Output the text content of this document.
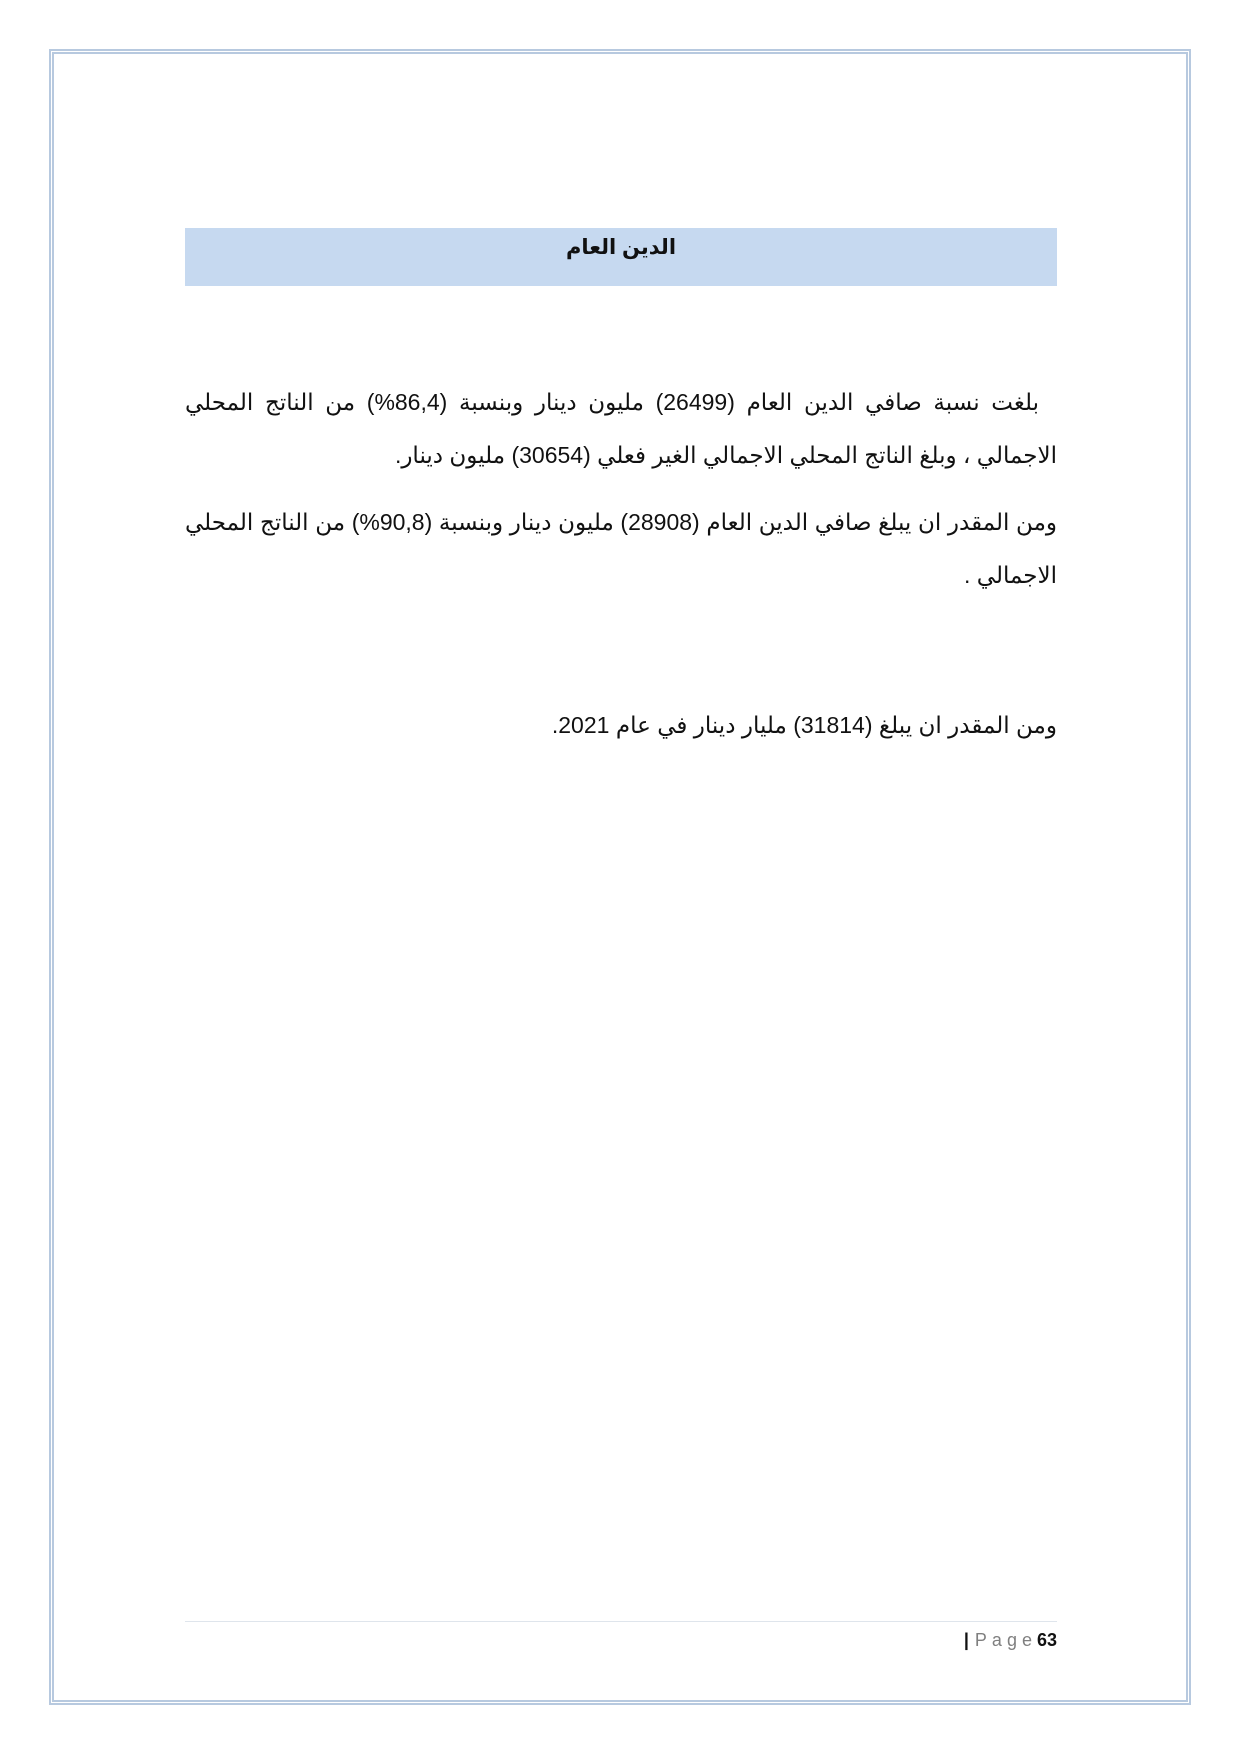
الدين العام

بلغت نسبة صافي الدين العام (26499) مليون دينار وبنسبة (86,4%) من الناتج المحلي الاجمالي ، وبلغ الناتج المحلي الاجمالي الغير فعلي (30654) مليون دينار.

ومن المقدر ان يبلغ صافي الدين العام (28908) مليون دينار وبنسبة (90,8%) من الناتج المحلي الاجمالي .

ومن المقدر ان يبلغ (31814) مليار دينار في عام 2021.

| Page63
